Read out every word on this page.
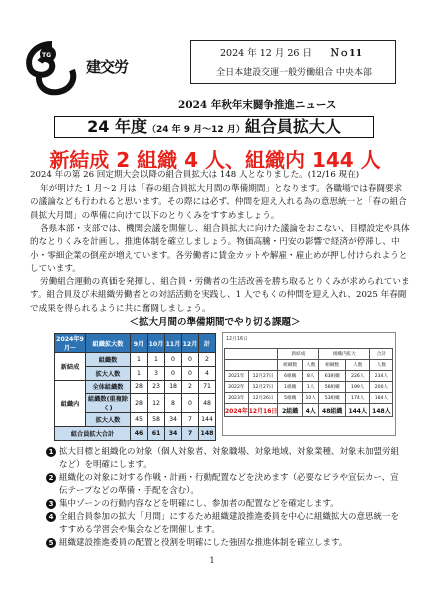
TG
建交労
2024 年 12 月 26 日 Ｎｏ11
全日本建設交運一般労働組合 中央本部
2024 年秋年末闘争推進ニュース
24 年度（24 年 9 月～12 月）組合員拡大人
新結成 2 組織 4 人、組織内 144 人
2024 年の第 26 回定期大会以降の組合員拡大は 148 人となりました。(12/16 現在)
年が明けた 1 月～2 月は「春の組合員拡大月間の準備期間」となります。各職場では春闘要求の議論なども行われると思います。その際には必ず、仲間を迎え入れる為の意思統一と「春の組合員拡大月間」の準備に向けて以下のとりくみをすすめましょう。
各県本部・支部では、機関会議を開催し、組合員拡大に向けた議論をおこない、目標設定や具体的なとりくみを計画し、推進体制を確立しましょう。物価高騰・円安の影響で経済が停滞し、中小・零細企業の倒産が増えています。各労働者に賃金カットや解雇・雇止めが押し付けられようとしています。
労働組合運動の真価を発揮し、組合員・労働者の生活改善を勝ち取るとりくみが求められています。組合員及び未組織労働者との対話活動を実践し、1 人でもくの仲間を迎え入れ、2025 年春闘で成果を得られるように共に奮闘しましょう。
＜拡大月間の準備期間でやり切る課題＞
2024年9月～	組織拡大数	9月	10月	11月	12月	計
新結成	組織数	1	1	0	0	2
	拡大人数	1	3	0	0	4
組織内	全体組織数	28	23	18	2	71
	組織数(重複除く)	28	12	8	0	48
	拡大人数	45	58	34	7	144
組合員拡大合計		46	61	34	7	148
12月16日
		新結成		組織内拡大		合計
		組織数	人数	組織数	人数	人数
2021年	12月27日	6組織	8人	63組織	226人	234人
2022年	12月27日	1組織	1人	56組織	199人	200人
2023年	12月26日	5組織	10人	53組織	174人	184人
2024年	12月16日	2組織	4人	48組織	144人	148人
1 拡大目標と組織化の対象（個人対象者、対象職場、対象地域、対象業種、対象未加盟労組など）を明確にします。
2 組織化の対象に対する作戦・計画・行動配置などを決めます（必要なビラや宣伝カー、宣伝テープなどの準備・手配を含む）。
3 集中ゾーンの行動内容などを明確にし、参加者の配置などを確定します。
4 全組合員参加の拡大「月間」にするため組織建設推進委員を中心に組織拡大の意思統一をすすめる学習会や集会などを開催します。
5 組織建設推進委員の配置と役割を明確にした強固な推進体制を確立します。
1
